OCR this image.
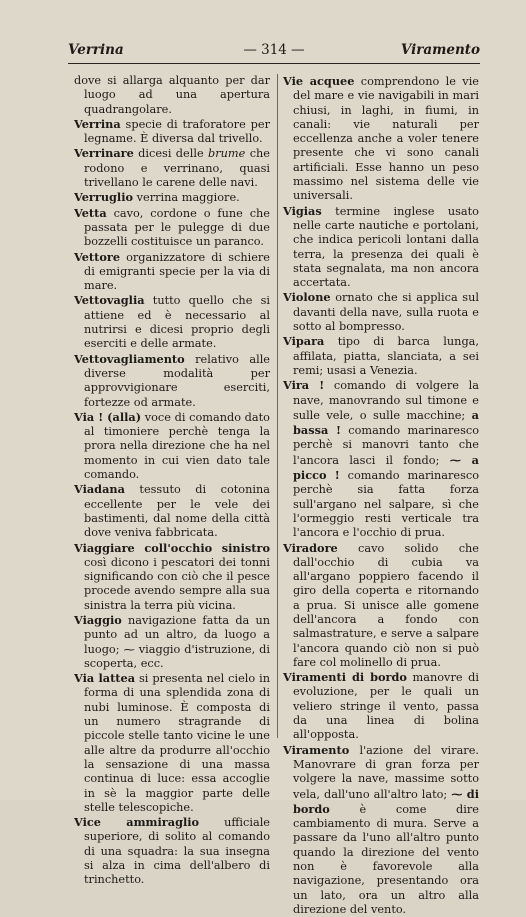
Verrina	— 314 —	Viramento

dove si allarga alquanto per dar luogo ad una apertura quadrangolare.

Verrina specie di traforatore per legname. È diversa dal trivello.

Verrinare dicesi delle brume che rodono e verrinano, quasi trivellano le carene delle navi.

Verruglio verrina maggiore.

Vetta cavo, cordone o fune che passata per le pulegge di due bozzelli costituisce un paranco.

Vettore organizzatore di schiere di emigranti specie per la via di mare.

Vettovaglia tutto quello che si attiene ed è necessario al nutrirsi e dicesi proprio degli eserciti e delle armate.

Vettovagliamento relativo alle diverse modalità per approvvigionare eserciti, fortezze od armate.

Via ! (alla) voce di comando dato al timoniere perchè tenga la prora nella direzione che ha nel momento in cui vien dato tale comando.

Viadana tessuto di cotonina eccellente per le vele dei bastimenti, dal nome della città dove veniva fabbricata.

Viaggiare coll'occhio sinistro così dicono i pescatori dei tonni significando con ciò che il pesce procede avendo sempre alla sua sinistra la terra più vicina.

Viaggio navigazione fatta da un punto ad un altro, da luogo a luogo; ⁓ viaggio d'istruzione, di scoperta, ecc.

Via lattea si presenta nel cielo in forma di una splendida zona di nubi luminose. È composta di un numero stragrande di piccole stelle tanto vicine le une alle altre da produrre all'occhio la sensazione di una massa continua di luce: essa accoglie in sè la maggior parte delle stelle telescopiche.

Vice ammiraglio ufficiale superiore, di solito al comando di una squadra: la sua insegna si alza in cima dell'albero di trinchetto.

Vie acquee comprendono le vie del mare e vie navigabili in mari chiusi, in laghi, in fiumi, in canali: vie naturali per eccellenza anche a voler tenere presente che vi sono canali artificiali. Esse hanno un peso massimo nel sistema delle vie universali.

Vigias termine inglese usato nelle carte nautiche e portolani, che indica pericoli lontani dalla terra, la presenza dei quali è stata segnalata, ma non ancora accertata.

Violone ornato che si applica sul davanti della nave, sulla ruota e sotto al bompresso.

Vipara tipo di barca lunga, affilata, piatta, slanciata, a sei remi; usasi a Venezia.

Vira ! comando di volgere la nave, manovrando sul timone e sulle vele, o sulle macchine; a bassa ! comando marinaresco perchè si manovri tanto che l'ancora lasci il fondo; ⁓ a picco ! comando marinaresco perchè sia fatta forza sull'argano nel salpare, sì che l'ormeggio resti verticale tra l'ancora e l'occhio di prua.

Viradore cavo solido che dall'occhio di cubia va all'argano poppiero facendo il giro della coperta e ritornando a prua. Si unisce alle gomene dell'ancora a fondo con salmastrature, e serve a salpare l'ancora quando ciò non si può fare col molinello di prua.

Viramenti di bordo manovre di evoluzione, per le quali un veliero stringe il vento, passa da una linea di bolina all'opposta.

Viramento l'azione del virare. Manovrare di gran forza per volgere la nave, massime sotto vela, dall'uno all'altro lato; ⁓ di bordo è come dire cambiamento di mura. Serve a passare da l'uno all'altro punto quando la direzione del vento non è favorevole alla navigazione, presentando ora un lato, ora un altro alla direzione del vento.
